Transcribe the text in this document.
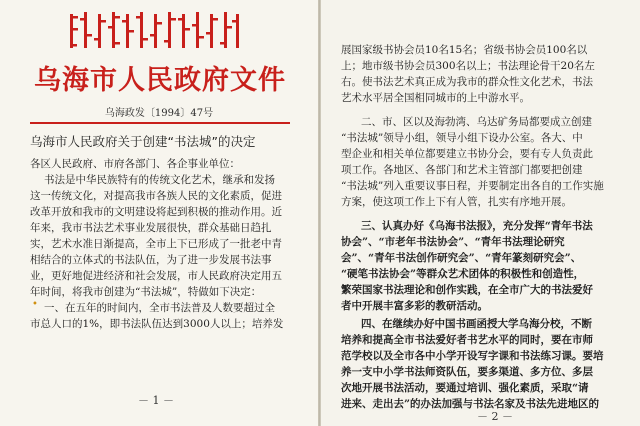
乌海市人民政府文件
乌海政发〔1994〕47号
乌海市人民政府关于创建“书法城”的决定
各区人民政府、市府各部门、各企事业单位：
书法是中华民族特有的传统文化艺术，继承和发扬
这一传统文化，对提高我市各族人民的文化素质，促进
改革开放和我市的文明建设将起到积极的推动作用。近
年来，我市书法艺术事业发展很快，群众基础日趋扎
实，艺术水准日渐提高，全市上下已形成了一批老中青
相结合的立体式的书法队伍，为了进一步发展书法事
业，更好地促进经济和社会发展，市人民政府决定用五
年时间，将我市创建为“书法城”，特做如下决定：
• 一、在五年的时间内，全市书法普及人数要超过全
市总人口的1%，即书法队伍达到3000人以上；培养发
－ 1 －
展国家级书协会员10名15名；省级书协会员100名以
上；地市级书协会员300名以上；书法理论骨干20名左
右。使书法艺术真正成为我市的群众性文化艺术，书法
艺术水平居全国相同城市的上中游水平。
二、市、区以及海勃湾、乌达矿务局都要成立创建
“书法城”领导小组，领导小组下设办公室。各大、中
型企业和相关单位都要建立书协分会，要有专人负责此
项工作。各地区、各部门和艺术主管部门都要把创建
“书法城”列入重要议事日程，并要制定出各自的工作实施
方案，使这项工作上下有人管，扎实有序地开展。
三、认真办好《乌海书法报》，充分发挥“青年书法
协会”、“市老年书法协会”、“青年书法理论研究
会”、“青年书法创作研究会”、“青年篆刻研究会”、
“硬笔书法协会”等群众艺术团体的积极性和创造性，
繁荣国家书法理论和创作实践，在全市广大的书法爱好
者中开展丰富多彩的教研活动。
四、在继续办好中国书画函授大学乌海分校，不断
培养和提高全市书法爱好者书艺水平的同时，要在市师
范学校以及全市各中小学开设写字课和书法练习课。要培
养一支中小学书法师资队伍，要多渠道、多方位、多层
次地开展书法活动，要通过培训、强化素质，采取“请
进来、走出去”的办法加强与书法名家及书法先进地区的
－ 2 －
